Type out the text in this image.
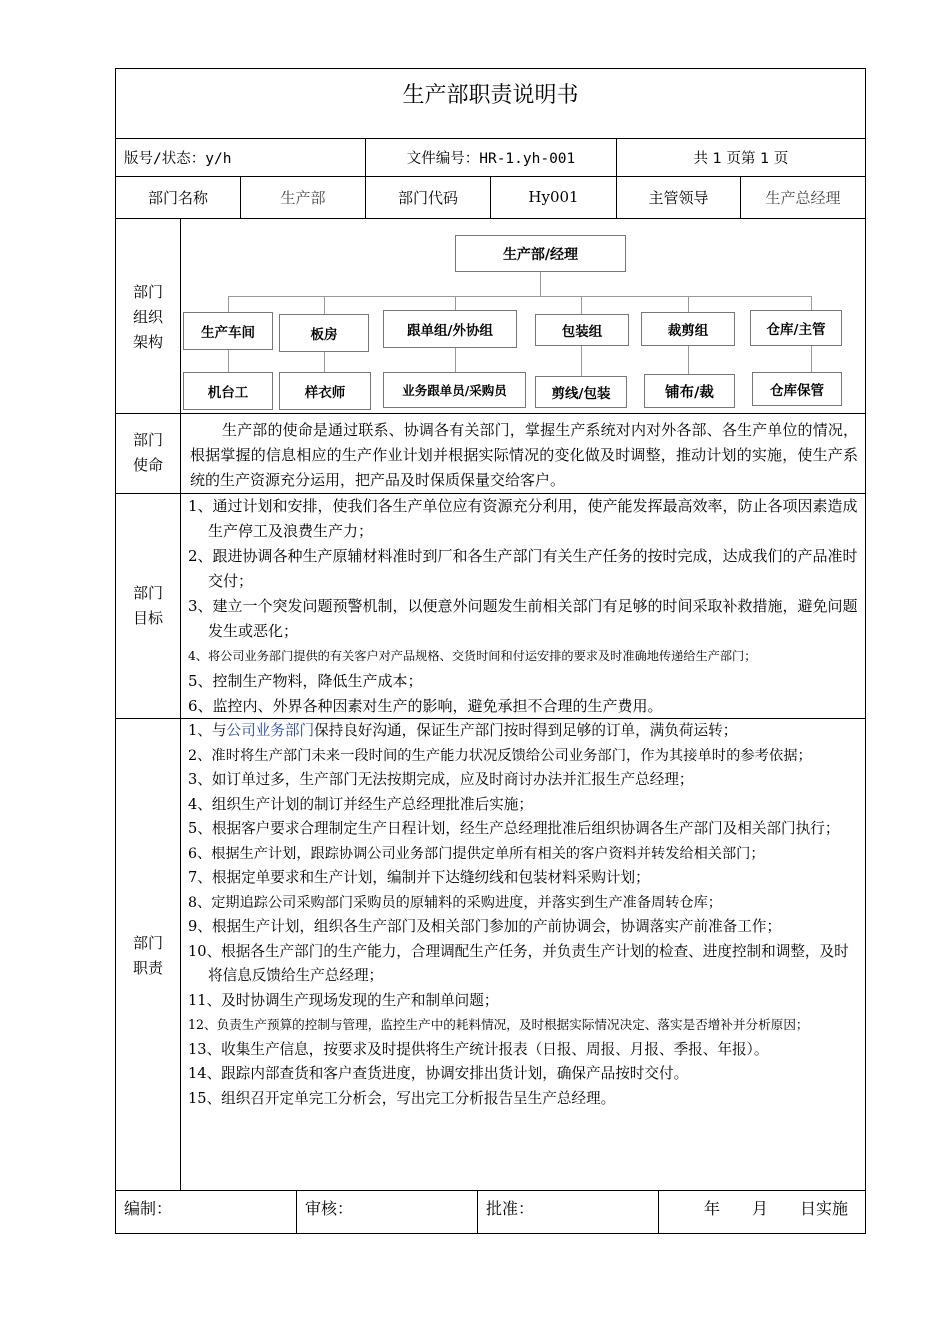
生产部职责说明书
版号/状态：y/h	文件编号：HR-1.yh-001	共 1 页第 1 页
部门名称	生产部	部门代码	Hy001	主管领导	生产总经理
部门
组织
架构
生产部/经理
生产车间	板房	跟单组/外协组	包装组	裁剪组	仓库/主管
机台工	样衣师	业务跟单员/采购员	剪线/包装	铺布/裁	仓库保管
部门
使命
生产部的使命是通过联系、协调各有关部门，掌握生产系统对内对外各部、各生产单位的情况，根据掌握的信息相应的生产作业计划并根据实际情况的变化做及时调整，推动计划的实施，使生产系统的生产资源充分运用，把产品及时保质保量交给客户。
部门
目标
1、通过计划和安排，使我们各生产单位应有资源充分利用，使产能发挥最高效率，防止各项因素造成生产停工及浪费生产力；
2、跟进协调各种生产原辅材料准时到厂和各生产部门有关生产任务的按时完成，达成我们的产品准时交付；
3、建立一个突发问题预警机制，以便意外问题发生前相关部门有足够的时间采取补救措施，避免问题发生或恶化；
4、将公司业务部门提供的有关客户对产品规格、交货时间和付运安排的要求及时准确地传递给生产部门；
5、控制生产物料，降低生产成本；
6、监控内、外界各种因素对生产的影响，避免承担不合理的生产费用。
部门
职责
1、与公司业务部门保持良好沟通，保证生产部门按时得到足够的订单，满负荷运转；
2、准时将生产部门未来一段时间的生产能力状况反馈给公司业务部门，作为其接单时的参考依据；
3、如订单过多，生产部门无法按期完成，应及时商讨办法并汇报生产总经理；
4、组织生产计划的制订并经生产总经理批准后实施；
5、根据客户要求合理制定生产日程计划，经生产总经理批准后组织协调各生产部门及相关部门执行；
6、根据生产计划，跟踪协调公司业务部门提供定单所有相关的客户资料并转发给相关部门；
7、根据定单要求和生产计划，编制并下达缝纫线和包装材料采购计划；
8、定期追踪公司采购部门采购员的原辅料的采购进度，并落实到生产准备周转仓库；
9、根据生产计划，组织各生产部门及相关部门参加的产前协调会，协调落实产前准备工作；
10、根据各生产部门的生产能力，合理调配生产任务，并负责生产计划的检查、进度控制和调整，及时将信息反馈给生产总经理；
11、及时协调生产现场发现的生产和制单问题；
12、负责生产预算的控制与管理，监控生产中的耗料情况，及时根据实际情况决定、落实是否增补并分析原因；
13、收集生产信息，按要求及时提供将生产统计报表（日报、周报、月报、季报、年报）。
14、跟踪内部查货和客户查货进度，协调安排出货计划，确保产品按时交付。
15、组织召开定单完工分析会，写出完工分析报告呈生产总经理。
编制：	审核：	批准：	年　　月　　日实施
